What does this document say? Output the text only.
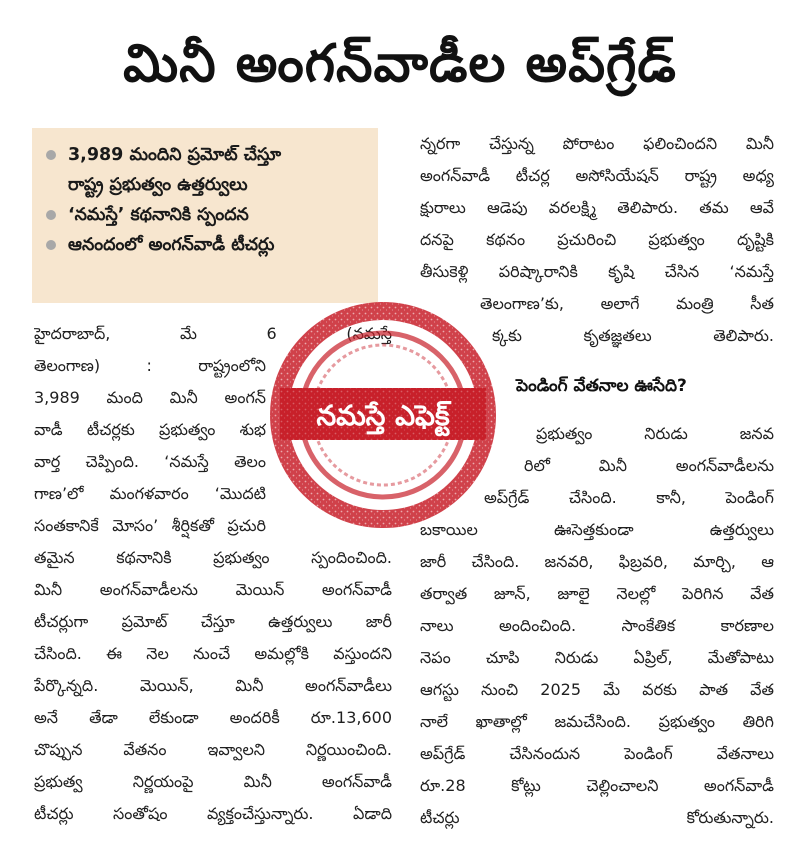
మినీ అంగన్‌వాడీల అప్‌గ్రేడ్‌
3,989 మందిని ప్రమోట్‌ చేస్తూ
రాష్ట్ర ప్రభుత్వం ఉత్తర్వులు
‘నమస్తే’ కథనానికి స్పందన
ఆనందంలో అంగన్‌వాడీ టీచర్లు
హైదరాబాద్‌, మే 6 (నమస్తే
తెలంగాణ) : రాష్ట్రంలోని
3,989 మంది మినీ అంగన్‌
వాడీ టీచర్లకు ప్రభుత్వం శుభ
వార్త చెప్పింది. ‘నమస్తే తెలం
గాణ’లో మంగళవారం ‘మొదటి
సంతకానికే మోసం’ శీర్షికతో ప్రచురి
తమైన కథనానికి ప్రభుత్వం స్పందించింది.
మినీ అంగన్‌వాడీలను మెయిన్‌ అంగన్‌వాడీ
టీచర్లుగా ప్రమోట్‌ చేస్తూ ఉత్తర్వులు జారీ
చేసింది. ఈ నెల నుంచే అమల్లోకి వస్తుందని
పేర్కొన్నది. మెయిన్‌, మినీ అంగన్‌వాడీలు
అనే తేడా లేకుండా అందరికీ రూ.13,600
చొప్పున వేతనం ఇవ్వాలని నిర్ణయించింది.
ప్రభుత్వ నిర్ణయంపై మినీ అంగన్‌వాడీ
టీచర్లు సంతోషం వ్యక్తంచేస్తున్నారు. ఏడాది
న్నరగా చేస్తున్న పోరాటం ఫలించిందని మినీ
అంగన్‌వాడీ టీచర్ల అసోసియేషన్‌ రాష్ట్ర అధ్య
క్షురాలు ఆడెపు వరలక్ష్మి తెలిపారు. తమ ఆవే
దనపై కథనం ప్రచురించి ప్రభుత్వం దృష్టికి
తీసుకెళ్లి పరిష్కారానికి కృషి చేసిన ‘నమస్తే
తెలంగాణ’కు, అలాగే మంత్రి సీత
క్కకు కృతజ్ఞతలు తెలిపారు.
పెండింగ్‌ వేతనాల ఊసేది?
ప్రభుత్వం నిరుడు జనవ
రిలో మినీ అంగన్‌వాడీలను
అప్‌గ్రేడ్‌ చేసింది. కానీ, పెండింగ్‌
బకాయిల ఊసెత్తకుండా ఉత్తర్వులు
జారీ చేసింది. జనవరి, ఫిబ్రవరి, మార్చి, ఆ
తర్వాత జూన్‌, జూలై నెలల్లో పెరిగిన వేత
నాలు అందించింది. సాంకేతిక కారణాల
నెపం చూపి నిరుడు ఏప్రిల్‌, మేతోపాటు
ఆగస్టు నుంచి 2025 మే వరకు పాత వేత
నాలే ఖాతాల్లో జమచేసింది. ప్రభుత్వం తిరిగి
అప్‌గ్రేడ్‌ చేసినందున పెండింగ్‌ వేతనాలు
రూ.28 కోట్లు చెల్లించాలని అంగన్‌వాడీ
టీచర్లు కోరుతున్నారు.
నమస్తే ఎఫెక్ట్‌
